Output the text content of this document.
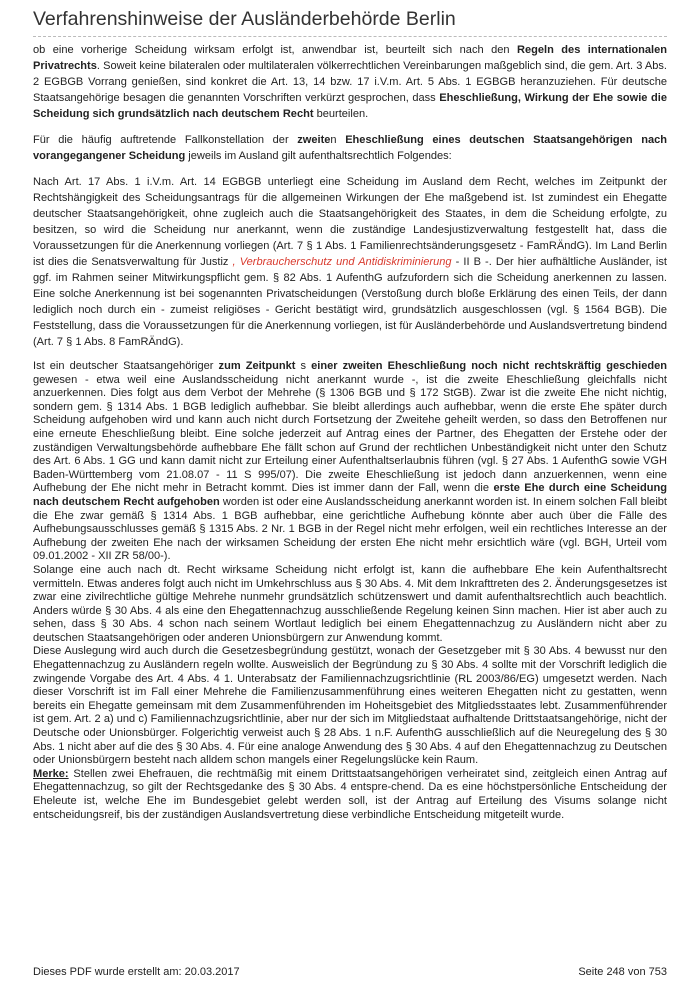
Verfahrenshinweise der Ausländerbehörde Berlin

ob eine vorherige Scheidung wirksam erfolgt ist, anwendbar ist, beurteilt sich nach den Regeln des internationalen Privatrechts. Soweit keine bilateralen oder multilateralen völkerrechtlichen Vereinbarungen maßgeblich sind, die gem. Art. 3 Abs. 2 EGBGB Vorrang genießen, sind konkret die Art. 13, 14 bzw. 17 i.V.m. Art. 5 Abs. 1 EGBGB heranzuziehen. Für deutsche Staatsangehörige besagen die genannten Vorschriften verkürzt gesprochen, dass Eheschließung, Wirkung der Ehe sowie die Scheidung sich grundsätzlich nach deutschem Recht beurteilen.

Für die häufig auftretende Fallkonstellation der zweiten Eheschließung eines deutschen Staatsangehörigen nach vorangegangener Scheidung jeweils im Ausland gilt aufenthaltsrechtlich Folgendes:

Nach Art. 17 Abs. 1 i.V.m. Art. 14 EGBGB unterliegt eine Scheidung im Ausland dem Recht, welches im Zeitpunkt der Rechtshängigkeit des Scheidungsantrags für die allgemeinen Wirkungen der Ehe maßgebend ist. Ist zumindest ein Ehegatte deutscher Staatsangehörigkeit, ohne zugleich auch die Staatsangehörigkeit des Staates, in dem die Scheidung erfolgte, zu besitzen, so wird die Scheidung nur anerkannt, wenn die zuständige Landesjustizverwaltung festgestellt hat, dass die Voraussetzungen für die Anerkennung vorliegen (Art. 7 § 1 Abs. 1 Familienrechtsänderungsgesetz - FamRÄndG). Im Land Berlin ist dies die Senatsverwaltung für Justiz , Verbraucherschutz und Antidiskriminierung - II B -. Der hier aufhältliche Ausländer, ist ggf. im Rahmen seiner Mitwirkungspflicht gem. § 82 Abs. 1 AufenthG aufzufordern sich die Scheidung anerkennen zu lassen. Eine solche Anerkennung ist bei sogenannten Privatscheidungen (Verstoßung durch bloße Erklärung des einen Teils, der dann lediglich noch durch ein - zumeist religiöses - Gericht bestätigt wird, grundsätzlich ausgeschlossen (vgl. § 1564 BGB). Die Feststellung, dass die Voraussetzungen für die Anerkennung vorliegen, ist für Ausländerbehörde und Auslandsvertretung bindend (Art. 7 § 1 Abs. 8 FamRÄndG).

Ist ein deutscher Staatsangehöriger zum Zeitpunkt s einer zweiten Eheschließung noch nicht rechtskräftig geschieden gewesen - etwa weil eine Auslandsscheidung nicht anerkannt wurde -, ist die zweite Eheschließung gleichfalls nicht anzuerkennen. Dies folgt aus dem Verbot der Mehrehe (§ 1306 BGB und § 172 StGB). Zwar ist die zweite Ehe nicht nichtig, sondern gem. § 1314 Abs. 1 BGB lediglich aufhebbar. Sie bleibt allerdings auch aufhebbar, wenn die erste Ehe später durch Scheidung aufgehoben wird und kann auch nicht durch Fortsetzung der Zweitehe geheilt werden, so dass den Betroffenen nur eine erneute Eheschließung bleibt. Eine solche jederzeit auf Antrag eines der Partner, des Ehegatten der Erstehe oder der zuständigen Verwaltungsbehörde aufhebbare Ehe fällt schon auf Grund der rechtlichen Unbeständigkeit nicht unter den Schutz des Art. 6 Abs. 1 GG und kann damit nicht zur Erteilung einer Aufenthaltserlaubnis führen (vgl. § 27 Abs. 1 AufenthG sowie VGH Baden-Württemberg vom 21.08.07 - 11 S 995/07). Die zweite Eheschließung ist jedoch dann anzuerkennen, wenn eine Aufhebung der Ehe nicht mehr in Betracht kommt. Dies ist immer dann der Fall, wenn die erste Ehe durch eine Scheidung nach deutschem Recht aufgehoben worden ist oder eine Auslandsscheidung anerkannt worden ist. In einem solchen Fall bleibt die Ehe zwar gemäß § 1314 Abs. 1 BGB aufhebbar, eine gerichtliche Aufhebung könnte aber auch über die Fälle des Aufhebungsausschlusses gemäß § 1315 Abs. 2 Nr. 1 BGB in der Regel nicht mehr erfolgen, weil ein rechtliches Interesse an der Aufhebung der zweiten Ehe nach der wirksamen Scheidung der ersten Ehe nicht mehr ersichtlich wäre (vgl. BGH, Urteil vom 09.01.2002 - XII ZR 58/00-).

Solange eine auch nach dt. Recht wirksame Scheidung nicht erfolgt ist, kann die aufhebbare Ehe kein Aufenthaltsrecht vermitteln. Etwas anderes folgt auch nicht im Umkehrschluss aus § 30 Abs. 4. Mit dem Inkrafttreten des 2. Änderungsgesetzes ist zwar eine zivilrechtliche gültige Mehrehe nunmehr grundsätzlich schützenswert und damit aufenthaltsrechtlich auch beachtlich. Anders würde § 30 Abs. 4 als eine den Ehegattennachzug ausschließende Regelung keinen Sinn machen. Hier ist aber auch zu sehen, dass § 30 Abs. 4 schon nach seinem Wortlaut lediglich bei einem Ehegattennachzug zu Ausländern nicht aber zu deutschen Staatsangehörigen oder anderen Unionsbürgern zur Anwendung kommt.

Diese Auslegung wird auch durch die Gesetzesbegründung gestützt, wonach der Gesetzgeber mit § 30 Abs. 4 bewusst nur den Ehegattennachzug zu Ausländern regeln wollte. Ausweislich der Begründung zu § 30 Abs. 4 sollte mit der Vorschrift lediglich die zwingende Vorgabe des Art. 4 Abs. 4 1. Unterabsatz der Familiennachzugsrichtlinie (RL 2003/86/EG) umgesetzt werden. Nach dieser Vorschrift ist im Fall einer Mehrehe die Familienzusammenführung eines weiteren Ehegatten nicht zu gestatten, wenn bereits ein Ehegatte gemeinsam mit dem Zusammenführenden im Hoheitsgebiet des Mitgliedsstaates lebt. Zusammenführender ist gem. Art. 2 a) und c) Familiennachzugsrichtlinie, aber nur der sich im Mitgliedstaat aufhaltende Drittstaatsangehörige, nicht der Deutsche oder Unionsbürger. Folgerichtig verweist auch § 28 Abs. 1 n.F. AufenthG ausschließlich auf die Neuregelung des § 30 Abs. 1 nicht aber auf die des § 30 Abs. 4. Für eine analoge Anwendung des § 30 Abs. 4 auf den Ehegattennachzug zu Deutschen oder Unionsbürgern besteht nach alldem schon mangels einer Regelungslücke kein Raum.

Merke: Stellen zwei Ehefrauen, die rechtmäßig mit einem Drittstaatsangehörigen verheiratet sind, zeitgleich einen Antrag auf Ehegattennachzug, so gilt der Rechtsgedanke des § 30 Abs. 4 entspre-chend. Da es eine höchstpersönliche Entscheidung der Eheleute ist, welche Ehe im Bundesgebiet gelebt werden soll, ist der Antrag auf Erteilung des Visums solange nicht entscheidungsreif, bis der zuständigen Auslandsvertretung diese verbindliche Entscheidung mitgeteilt wurde.

Dieses PDF wurde erstellt am: 20.03.2017	Seite 248 von 753
